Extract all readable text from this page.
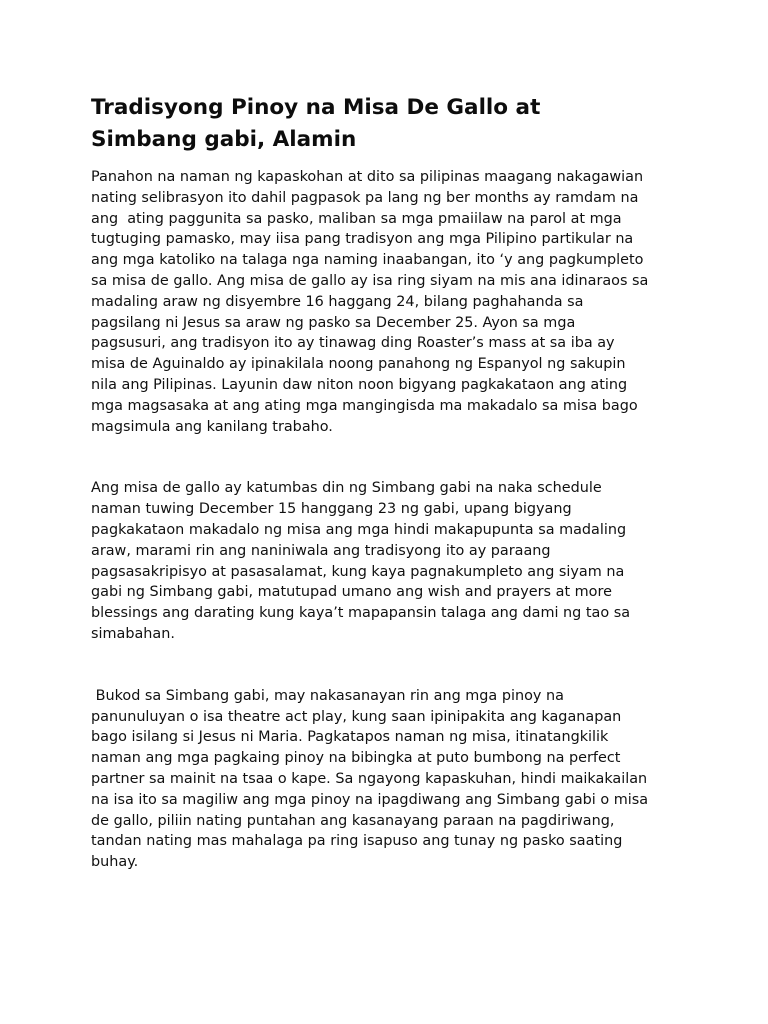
Tradisyong Pinoy na Misa De Gallo at
Simbang gabi, Alamin

Panahon na naman ng kapaskohan at dito sa pilipinas maagang nakagawian
nating selibrasyon ito dahil pagpasok pa lang ng ber months ay ramdam na
ang  ating paggunita sa pasko, maliban sa mga pmaiilaw na parol at mga
tugtuging pamasko, may iisa pang tradisyon ang mga Pilipino partikular na
ang mga katoliko na talaga nga naming inaabangan, ito ‘y ang pagkumpleto
sa misa de gallo. Ang misa de gallo ay isa ring siyam na mis ana idinaraos sa
madaling araw ng disyembre 16 haggang 24, bilang paghahanda sa
pagsilang ni Jesus sa araw ng pasko sa December 25. Ayon sa mga
pagsusuri, ang tradisyon ito ay tinawag ding Roaster’s mass at sa iba ay
misa de Aguinaldo ay ipinakilala noong panahong ng Espanyol ng sakupin
nila ang Pilipinas. Layunin daw niton noon bigyang pagkakataon ang ating
mga magsasaka at ang ating mga mangingisda ma makadalo sa misa bago
magsimula ang kanilang trabaho.

Ang misa de gallo ay katumbas din ng Simbang gabi na naka schedule
naman tuwing December 15 hanggang 23 ng gabi, upang bigyang
pagkakataon makadalo ng misa ang mga hindi makapupunta sa madaling
araw, marami rin ang naniniwala ang tradisyong ito ay paraang
pagsasakripisyo at pasasalamat, kung kaya pagnakumpleto ang siyam na
gabi ng Simbang gabi, matutupad umano ang wish and prayers at more
blessings ang darating kung kaya’t mapapansin talaga ang dami ng tao sa
simabahan.

Bukod sa Simbang gabi, may nakasanayan rin ang mga pinoy na
panunuluyan o isa theatre act play, kung saan ipinipakita ang kaganapan
bago isilang si Jesus ni Maria. Pagkatapos naman ng misa, itinatangkilik
naman ang mga pagkaing pinoy na bibingka at puto bumbong na perfect
partner sa mainit na tsaa o kape. Sa ngayong kapaskuhan, hindi maikakailan
na isa ito sa magiliw ang mga pinoy na ipagdiwang ang Simbang gabi o misa
de gallo, piliin nating puntahan ang kasanayang paraan na pagdiriwang,
tandan nating mas mahalaga pa ring isapuso ang tunay ng pasko saating
buhay.
